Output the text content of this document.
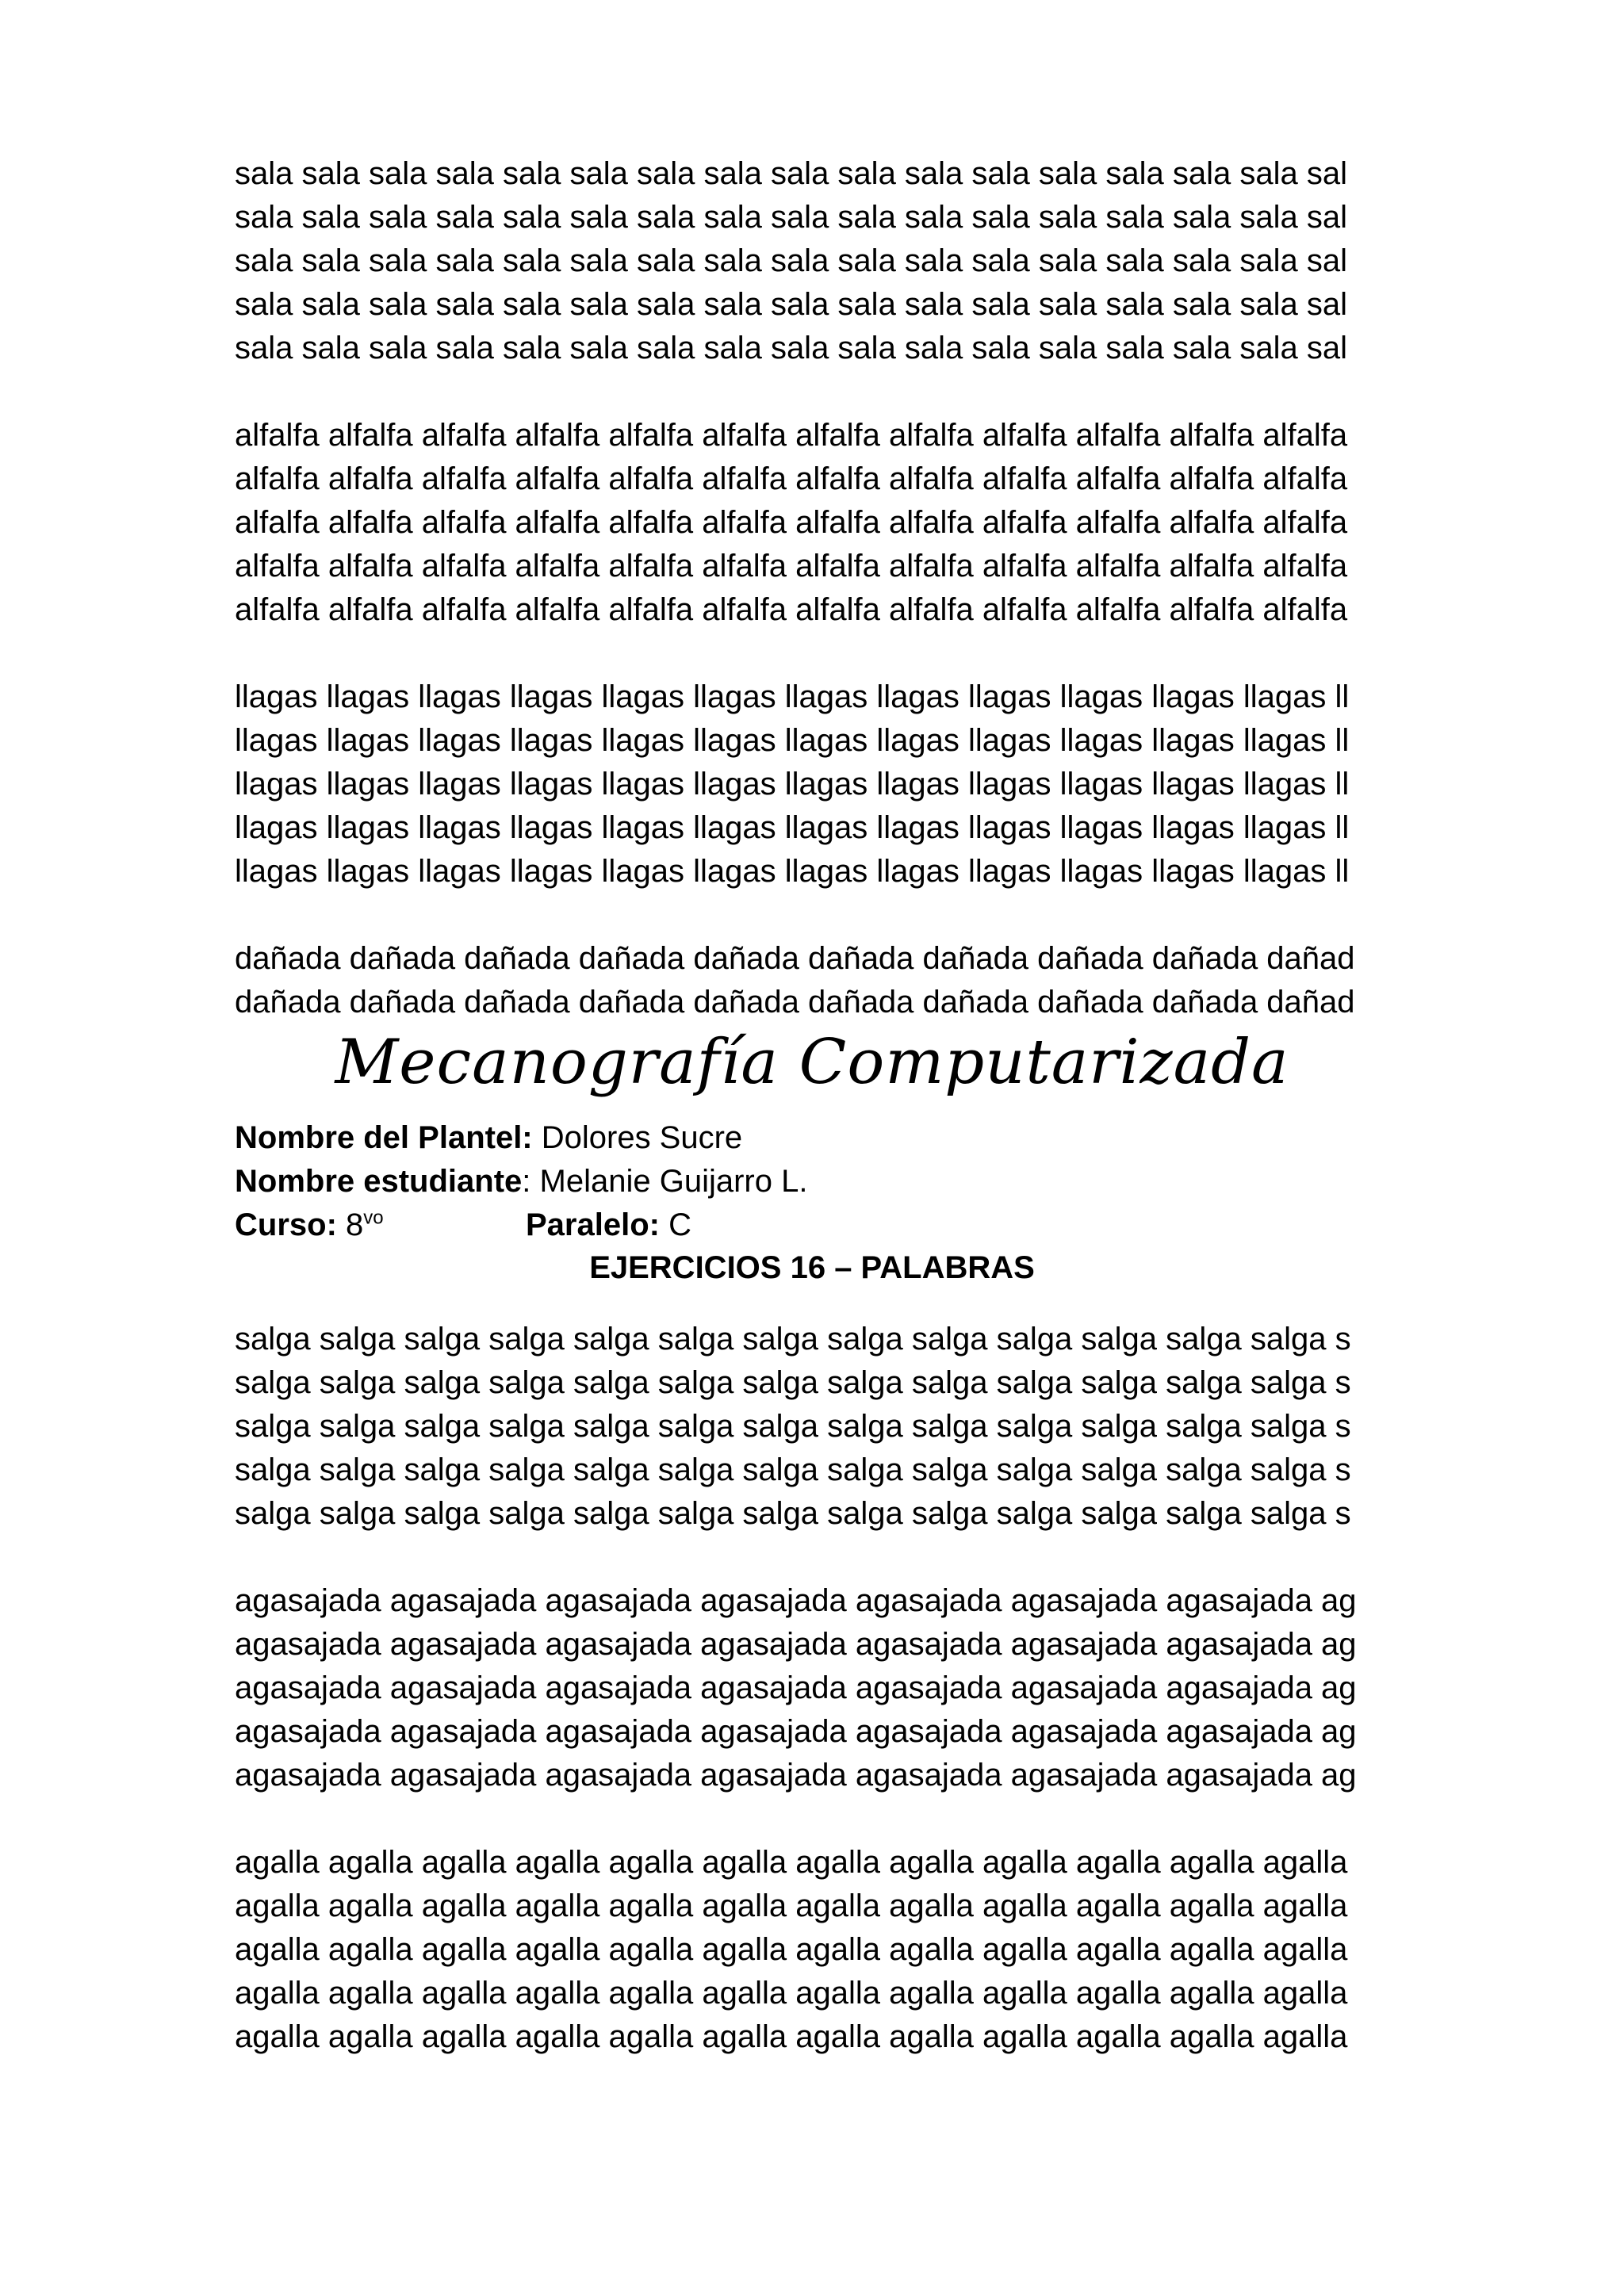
sala sala sala sala sala sala sala sala sala sala sala sala sala sala sala sala sal
sala sala sala sala sala sala sala sala sala sala sala sala sala sala sala sala sal
sala sala sala sala sala sala sala sala sala sala sala sala sala sala sala sala sal
sala sala sala sala sala sala sala sala sala sala sala sala sala sala sala sala sal
sala sala sala sala sala sala sala sala sala sala sala sala sala sala sala sala sal
alfalfa alfalfa alfalfa alfalfa alfalfa alfalfa alfalfa alfalfa alfalfa alfalfa alfalfa alfalfa
alfalfa alfalfa alfalfa alfalfa alfalfa alfalfa alfalfa alfalfa alfalfa alfalfa alfalfa alfalfa
alfalfa alfalfa alfalfa alfalfa alfalfa alfalfa alfalfa alfalfa alfalfa alfalfa alfalfa alfalfa
alfalfa alfalfa alfalfa alfalfa alfalfa alfalfa alfalfa alfalfa alfalfa alfalfa alfalfa alfalfa
alfalfa alfalfa alfalfa alfalfa alfalfa alfalfa alfalfa alfalfa alfalfa alfalfa alfalfa alfalfa
llagas llagas llagas llagas llagas llagas llagas llagas llagas llagas llagas llagas ll
llagas llagas llagas llagas llagas llagas llagas llagas llagas llagas llagas llagas ll
llagas llagas llagas llagas llagas llagas llagas llagas llagas llagas llagas llagas ll
llagas llagas llagas llagas llagas llagas llagas llagas llagas llagas llagas llagas ll
llagas llagas llagas llagas llagas llagas llagas llagas llagas llagas llagas llagas ll
dañada dañada dañada dañada dañada dañada dañada dañada dañada dañad
dañada dañada dañada dañada dañada dañada dañada dañada dañada dañad
Mecanografía Computarizada
Nombre del Plantel: Dolores Sucre
Nombre estudiante: Melanie Guijarro L.
Curso: $8^{vo}$	Paralelo: C
EJERCICIOS 16 – PALABRAS
salga salga salga salga salga salga salga salga salga salga salga salga salga s
salga salga salga salga salga salga salga salga salga salga salga salga salga s
salga salga salga salga salga salga salga salga salga salga salga salga salga s
salga salga salga salga salga salga salga salga salga salga salga salga salga s
salga salga salga salga salga salga salga salga salga salga salga salga salga s
agasajada agasajada agasajada agasajada agasajada agasajada agasajada ag
agasajada agasajada agasajada agasajada agasajada agasajada agasajada ag
agasajada agasajada agasajada agasajada agasajada agasajada agasajada ag
agasajada agasajada agasajada agasajada agasajada agasajada agasajada ag
agasajada agasajada agasajada agasajada agasajada agasajada agasajada ag
agalla agalla agalla agalla agalla agalla agalla agalla agalla agalla agalla agalla
agalla agalla agalla agalla agalla agalla agalla agalla agalla agalla agalla agalla
agalla agalla agalla agalla agalla agalla agalla agalla agalla agalla agalla agalla
agalla agalla agalla agalla agalla agalla agalla agalla agalla agalla agalla agalla
agalla agalla agalla agalla agalla agalla agalla agalla agalla agalla agalla agalla
